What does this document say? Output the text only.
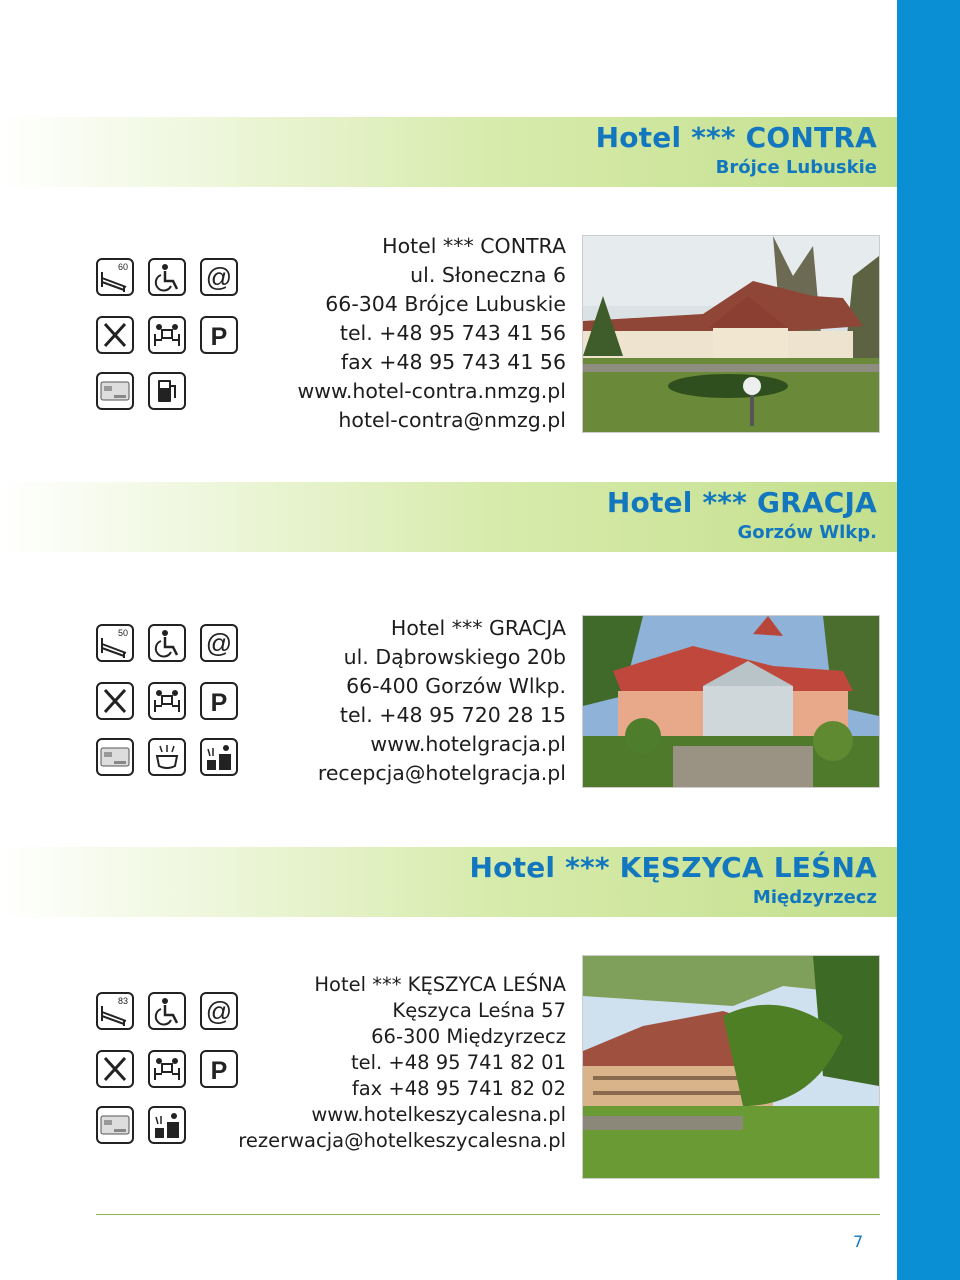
Hotel *** CONTRA
Brójce Lubuskie
60	@
P
Hotel *** CONTRA
ul. Słoneczna 6
66-304 Brójce Lubuskie
tel. +48 95 743 41 56
fax +48 95 743 41 56
www.hotel-contra.nmzg.pl
hotel-contra@nmzg.pl
Hotel *** GRACJA
Gorzów Wlkp.
50	@
P
Hotel *** GRACJA
ul. Dąbrowskiego 20b
66-400 Gorzów Wlkp.
tel. +48 95 720 28 15
www.hotelgracja.pl
recepcja@hotelgracja.pl
Hotel *** KĘSZYCA LEŚNA
Międzyrzecz
83	@
P
Hotel *** KĘSZYCA LEŚNA
Kęszyca Leśna 57
66-300 Międzyrzecz
tel. +48 95 741 82 01
fax +48 95 741 82 02
www.hotelkeszycalesna.pl
rezerwacja@hotelkeszycalesna.pl
7
